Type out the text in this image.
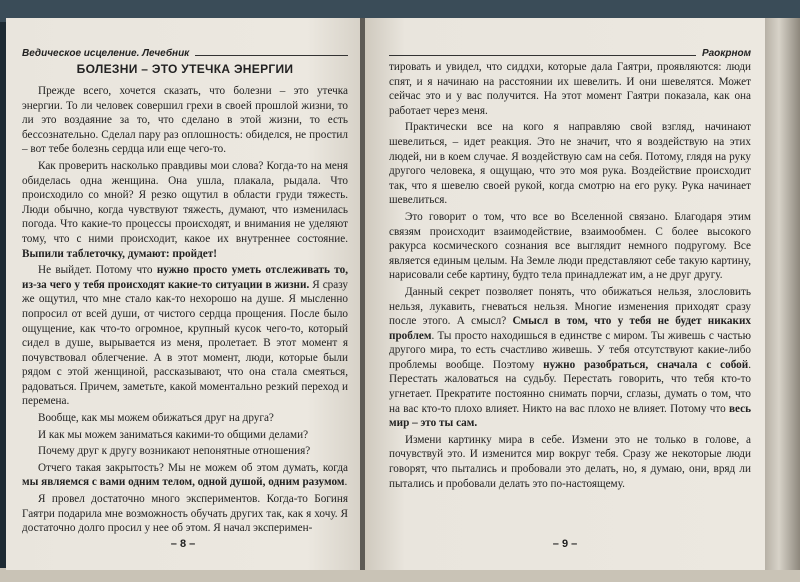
Ведическое исцеление. Лечебник
БОЛЕЗНИ – ЭТО УТЕЧКА ЭНЕРГИИ

Прежде всего, хочется сказать, что болезни – это утечка энергии. То ли человек совершил грехи в своей прошлой жизни, то ли это воздаяние за то, что сделано в этой жизни, то есть бессознательно. Сделал пару раз оплошность: обиделся, не простил – вот тебе болезнь сердца или еще чего-то.

Как проверить насколько правдивы мои слова? Когда-то на меня обиделась одна женщина. Она ушла, плакала, рыдала. Что происходило со мной? Я резко ощутил в области груди тяжесть. Люди обычно, когда чувствуют тяжесть, думают, что изменилась погода. Что какие-то процессы происходят, и внимания не уделяют тому, что с ними происходит, какое их внутреннее состояние. Выпили таблеточку, думают: пройдет!

Не выйдет. Потому что нужно просто уметь отслеживать то, из-за чего у тебя происходят какие-то ситуации в жизни. Я сразу же ощутил, что мне стало как-то нехорошо на душе. Я мысленно попросил от всей души, от чистого сердца прощения. После было ощущение, как что-то огромное, крупный кусок чего-то, который сидел в душе, вырывается из меня, пролетает. В этот момент я почувствовал облегчение. А в этот момент, люди, которые были рядом с этой женщиной, рассказывают, что она стала смеяться, радоваться. Причем, заметьте, какой моментально резкий переход и перемена.

Вообще, как мы можем обижаться друг на друга?

И как мы можем заниматься какими-то общими делами?

Почему друг к другу возникают непонятные отношения?

Отчего такая закрытость? Мы не можем об этом думать, когда мы являемся с вами одним телом, одной душой, одним разумом.

Я провел достаточно много экспериментов. Когда-то Богиня Гаятри подарила мне возможность обучать других так, как я хочу. Я достаточно долго просил у нее об этом. Я начал эксперимен-

– 8 –
Раокрном

тировать и увидел, что сиддхи, которые дала Гаятри, проявляются: люди спят, и я начинаю на расстоянии их шевелить. И они шевелятся. Может сейчас это и у вас получится. На этот момент Гаятри показала, как она работает через меня.

Практически все на кого я направляю свой взгляд, начинают шевелиться, – идет реакция. Это не значит, что я воздействую на этих людей, ни в коем случае. Я воздействую сам на себя. Потому, глядя на руку другого человека, я ощущаю, что это моя рука. Воздействие происходит так, что я шевелю своей рукой, когда смотрю на его руку. Рука начинает шевелиться.

Это говорит о том, что все во Вселенной связано. Благодаря этим связям происходит взаимодействие, взаимообмен. С более высокого ракурса космического сознания все выглядит немного подругому. Все является единым целым. На Земле люди представляют себе такую картину, нарисовали себе картину, будто тела принадлежат им, а не друг другу.

Данный секрет позволяет понять, что обижаться нельзя, злословить нельзя, лукавить, гневаться нельзя. Многие изменения приходят сразу после этого. А смысл? Смысл в том, что у тебя не будет никаких проблем. Ты просто находишься в единстве с миром. Ты живешь с частью другого мира, то есть счастливо живешь. У тебя отсутствуют какие-либо проблемы вообще. Поэтому нужно разобраться, сначала с собой. Перестать жаловаться на судьбу. Перестать говорить, что тебя кто-то угнетает. Прекратите постоянно снимать порчи, сглазы, думать о том, что на вас кто-то плохо влияет. Никто на вас плохо не влияет. Потому что весь мир – это ты сам.

Измени картинку мира в себе. Измени это не только в голове, а почувствуй это. И изменится мир вокруг тебя. Сразу же некоторые люди говорят, что пытались и пробовали это делать, но, я думаю, они, вряд ли пытались и пробовали делать это по-настоящему.

– 9 –
